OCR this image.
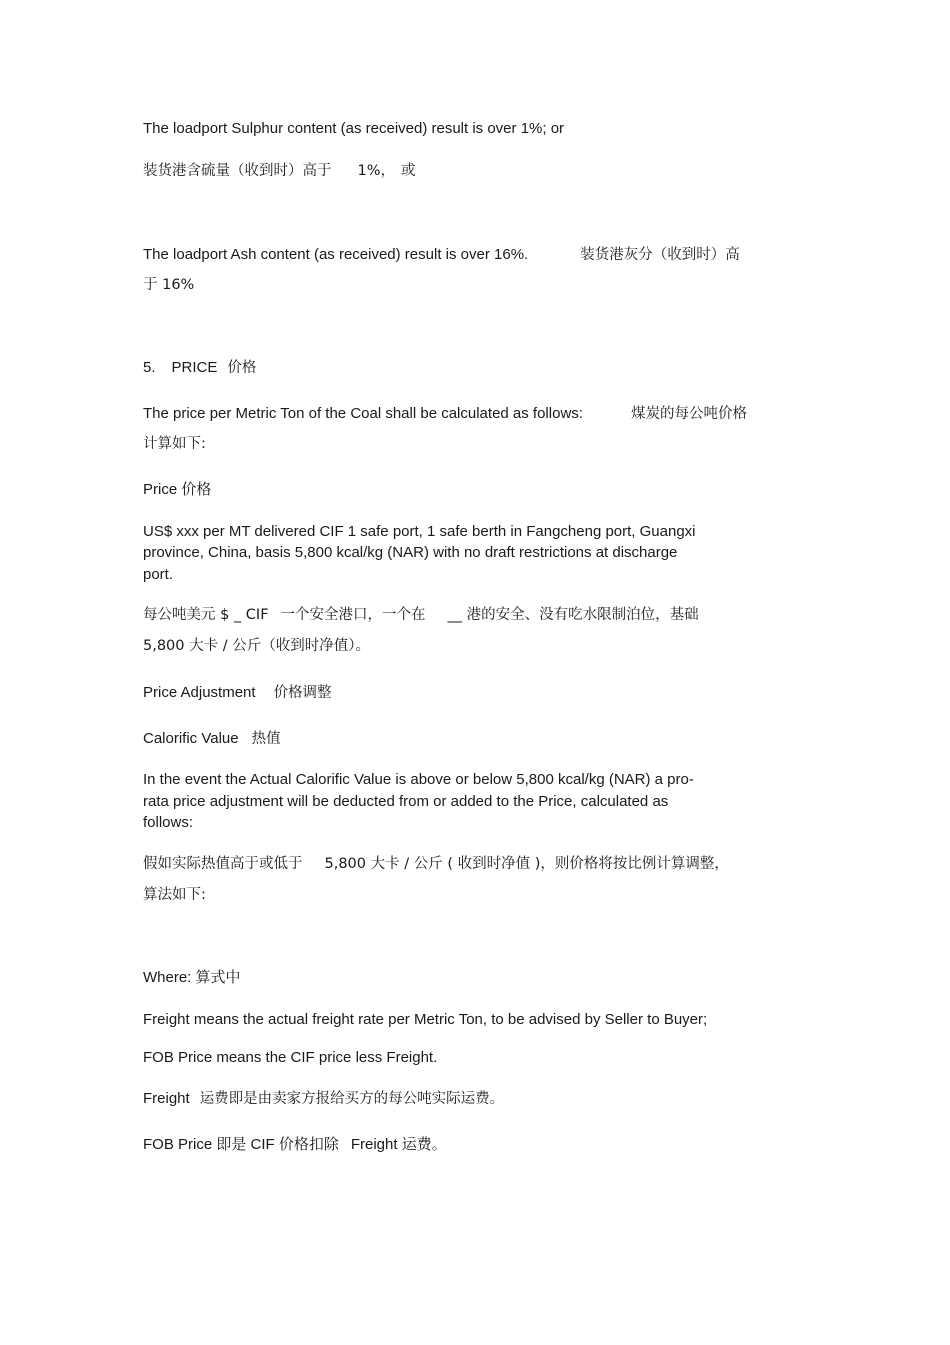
The loadport Sulphur content (as received) result is over 1%; or
装货港含硫量（收到时）高于 1%， 或
The loadport Ash content (as received) result is over 16%.	装货港灰分（收到时）高
于 16%
5. PRICE 价格
The price per Metric Ton of the Coal shall be calculated as follows:	煤炭的每公吨价格
计算如下:
Price 价格
US$ xxx per MT delivered CIF 1 safe port, 1 safe berth in Fangcheng port, Guangxi
province, China, basis 5,800 kcal/kg (NAR) with no draft restrictions at discharge
port.
每公吨美元 $ _ CIF 一个安全港口，一个在 __ 港的安全、没有吃水限制泊位，基础
5,800 大卡 / 公斤（收到时净值）。
Price Adjustment 价格调整
Calorific Value 热值
In the event the Actual Calorific Value is above or below 5,800 kcal/kg (NAR) a pro-
rata price adjustment will be deducted from or added to the Price, calculated as
follows:
假如实际热值高于或低于 5,800 大卡 / 公斤 ( 收到时净值 )，则价格将按比例计算调整，
算法如下:
Where: 算式中
Freight means the actual freight rate per Metric Ton, to be advised by Seller to Buyer;
FOB Price means the CIF price less Freight.
Freight 运费即是由卖家方报给买方的每公吨实际运费。
FOB Price 即是 CIF 价格扣除 Freight 运费。
